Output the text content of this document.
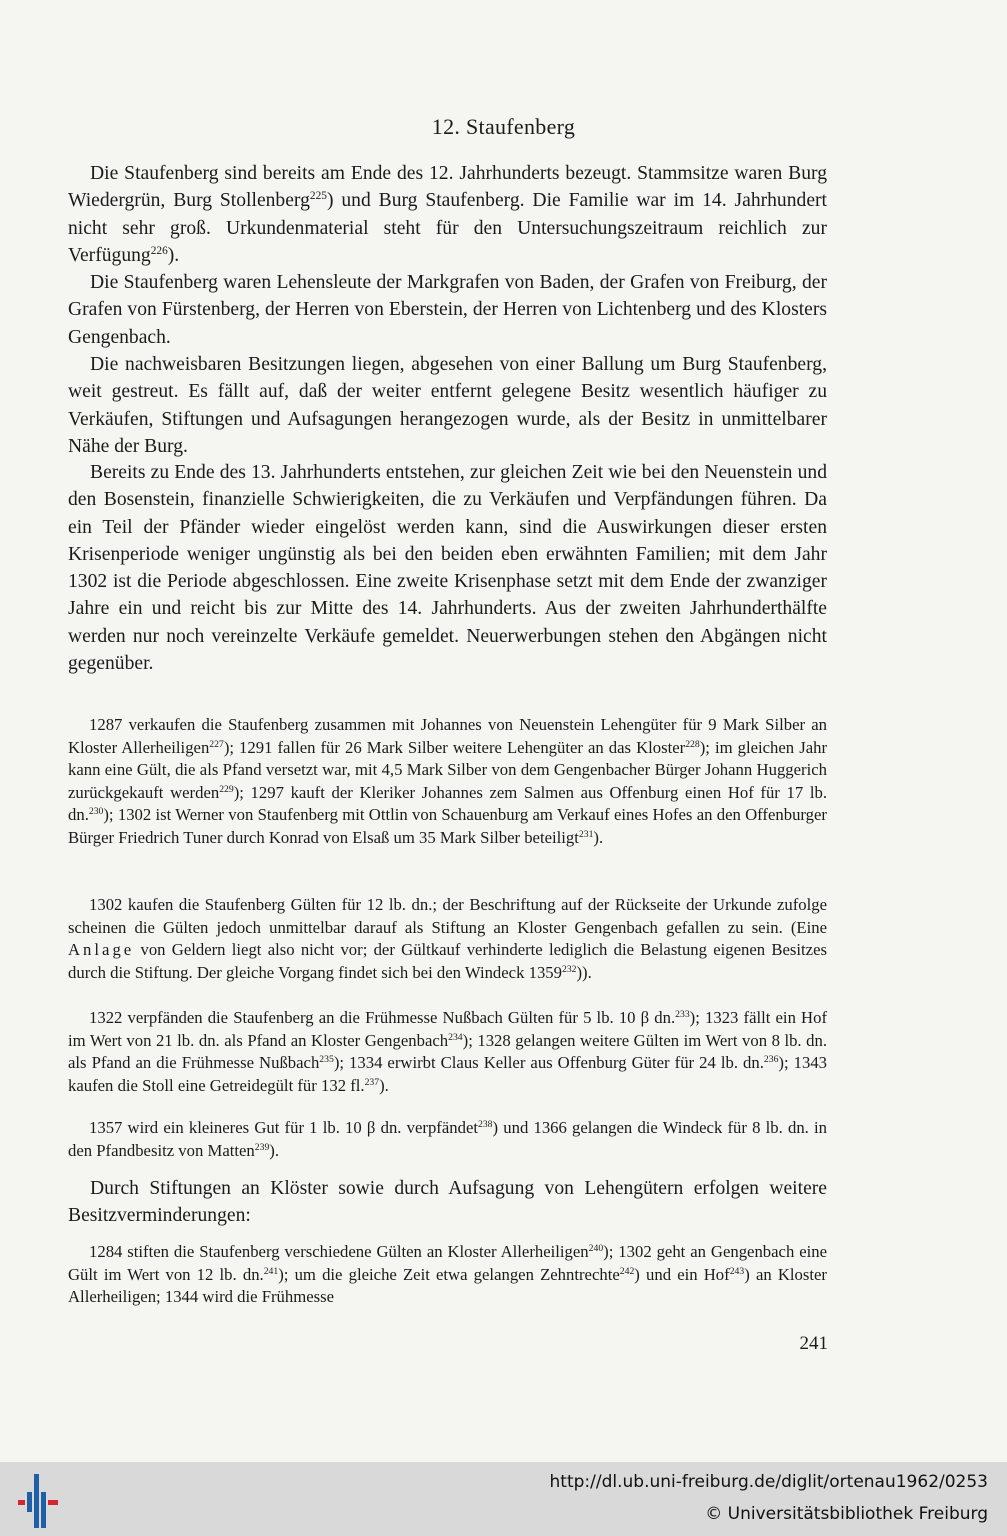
12. Staufenberg

Die Staufenberg sind bereits am Ende des 12. Jahrhunderts bezeugt. Stammsitze waren Burg Wiedergrün, Burg Stollenberg$^{225}$) und Burg Staufenberg. Die Familie war im 14. Jahrhundert nicht sehr groß. Urkundenmaterial steht für den Untersuchungszeitraum reichlich zur Verfügung$^{226}$).

Die Staufenberg waren Lehensleute der Markgrafen von Baden, der Grafen von Freiburg, der Grafen von Fürstenberg, der Herren von Eberstein, der Herren von Lichtenberg und des Klosters Gengenbach.

Die nachweisbaren Besitzungen liegen, abgesehen von einer Ballung um Burg Staufenberg, weit gestreut. Es fällt auf, daß der weiter entfernt gelegene Besitz wesentlich häufiger zu Verkäufen, Stiftungen und Aufsagungen herangezogen wurde, als der Besitz in unmittelbarer Nähe der Burg.

Bereits zu Ende des 13. Jahrhunderts entstehen, zur gleichen Zeit wie bei den Neuenstein und den Bosenstein, finanzielle Schwierigkeiten, die zu Verkäufen und Verpfändungen führen. Da ein Teil der Pfänder wieder eingelöst werden kann, sind die Auswirkungen dieser ersten Krisenperiode weniger ungünstig als bei den beiden eben erwähnten Familien; mit dem Jahr 1302 ist die Periode abgeschlossen. Eine zweite Krisenphase setzt mit dem Ende der zwanziger Jahre ein und reicht bis zur Mitte des 14. Jahrhunderts. Aus der zweiten Jahrhunderthälfte werden nur noch vereinzelte Verkäufe gemeldet. Neuerwerbungen stehen den Abgängen nicht gegenüber.

1287 verkaufen die Staufenberg zusammen mit Johannes von Neuenstein Lehengüter für 9 Mark Silber an Kloster Allerheiligen$^{227}$); 1291 fallen für 26 Mark Silber weitere Lehengüter an das Kloster$^{228}$); im gleichen Jahr kann eine Gült, die als Pfand versetzt war, mit 4,5 Mark Silber von dem Gengenbacher Bürger Johann Huggerich zurückgekauft werden$^{229}$); 1297 kauft der Kleriker Johannes zem Salmen aus Offenburg einen Hof für 17 lb. dn.$^{230}$); 1302 ist Werner von Staufenberg mit Ottlin von Schauenburg am Verkauf eines Hofes an den Offenburger Bürger Friedrich Tuner durch Konrad von Elsaß um 35 Mark Silber beteiligt$^{231}$).

1302 kaufen die Staufenberg Gülten für 12 lb. dn.; der Beschriftung auf der Rückseite der Urkunde zufolge scheinen die Gülten jedoch unmittelbar darauf als Stiftung an Kloster Gengenbach gefallen zu sein. (Eine Anlage von Geldern liegt also nicht vor; der Gültkauf verhinderte lediglich die Belastung eigenen Besitzes durch die Stiftung. Der gleiche Vorgang findet sich bei den Windeck 1359$^{232}$)).

1322 verpfänden die Staufenberg an die Frühmesse Nußbach Gülten für 5 lb. 10 β dn.$^{233}$); 1323 fällt ein Hof im Wert von 21 lb. dn. als Pfand an Kloster Gengenbach$^{234}$); 1328 gelangen weitere Gülten im Wert von 8 lb. dn. als Pfand an die Frühmesse Nußbach$^{235}$); 1334 erwirbt Claus Keller aus Offenburg Güter für 24 lb. dn.$^{236}$); 1343 kaufen die Stoll eine Getreidegült für 132 fl.$^{237}$).

1357 wird ein kleineres Gut für 1 lb. 10 β dn. verpfändet$^{238}$) und 1366 gelangen die Windeck für 8 lb. dn. in den Pfandbesitz von Matten$^{239}$).

Durch Stiftungen an Klöster sowie durch Aufsagung von Lehengütern erfolgen weitere Besitzverminderungen:

1284 stiften die Staufenberg verschiedene Gülten an Kloster Allerheiligen$^{240}$); 1302 geht an Gengenbach eine Gült im Wert von 12 lb. dn.$^{241}$); um die gleiche Zeit etwa gelangen Zehntrechte$^{242}$) und ein Hof$^{243}$) an Kloster Allerheiligen; 1344 wird die Frühmesse

241
http://dl.ub.uni-freiburg.de/diglit/ortenau1962/0253
© Universitätsbibliothek Freiburg
